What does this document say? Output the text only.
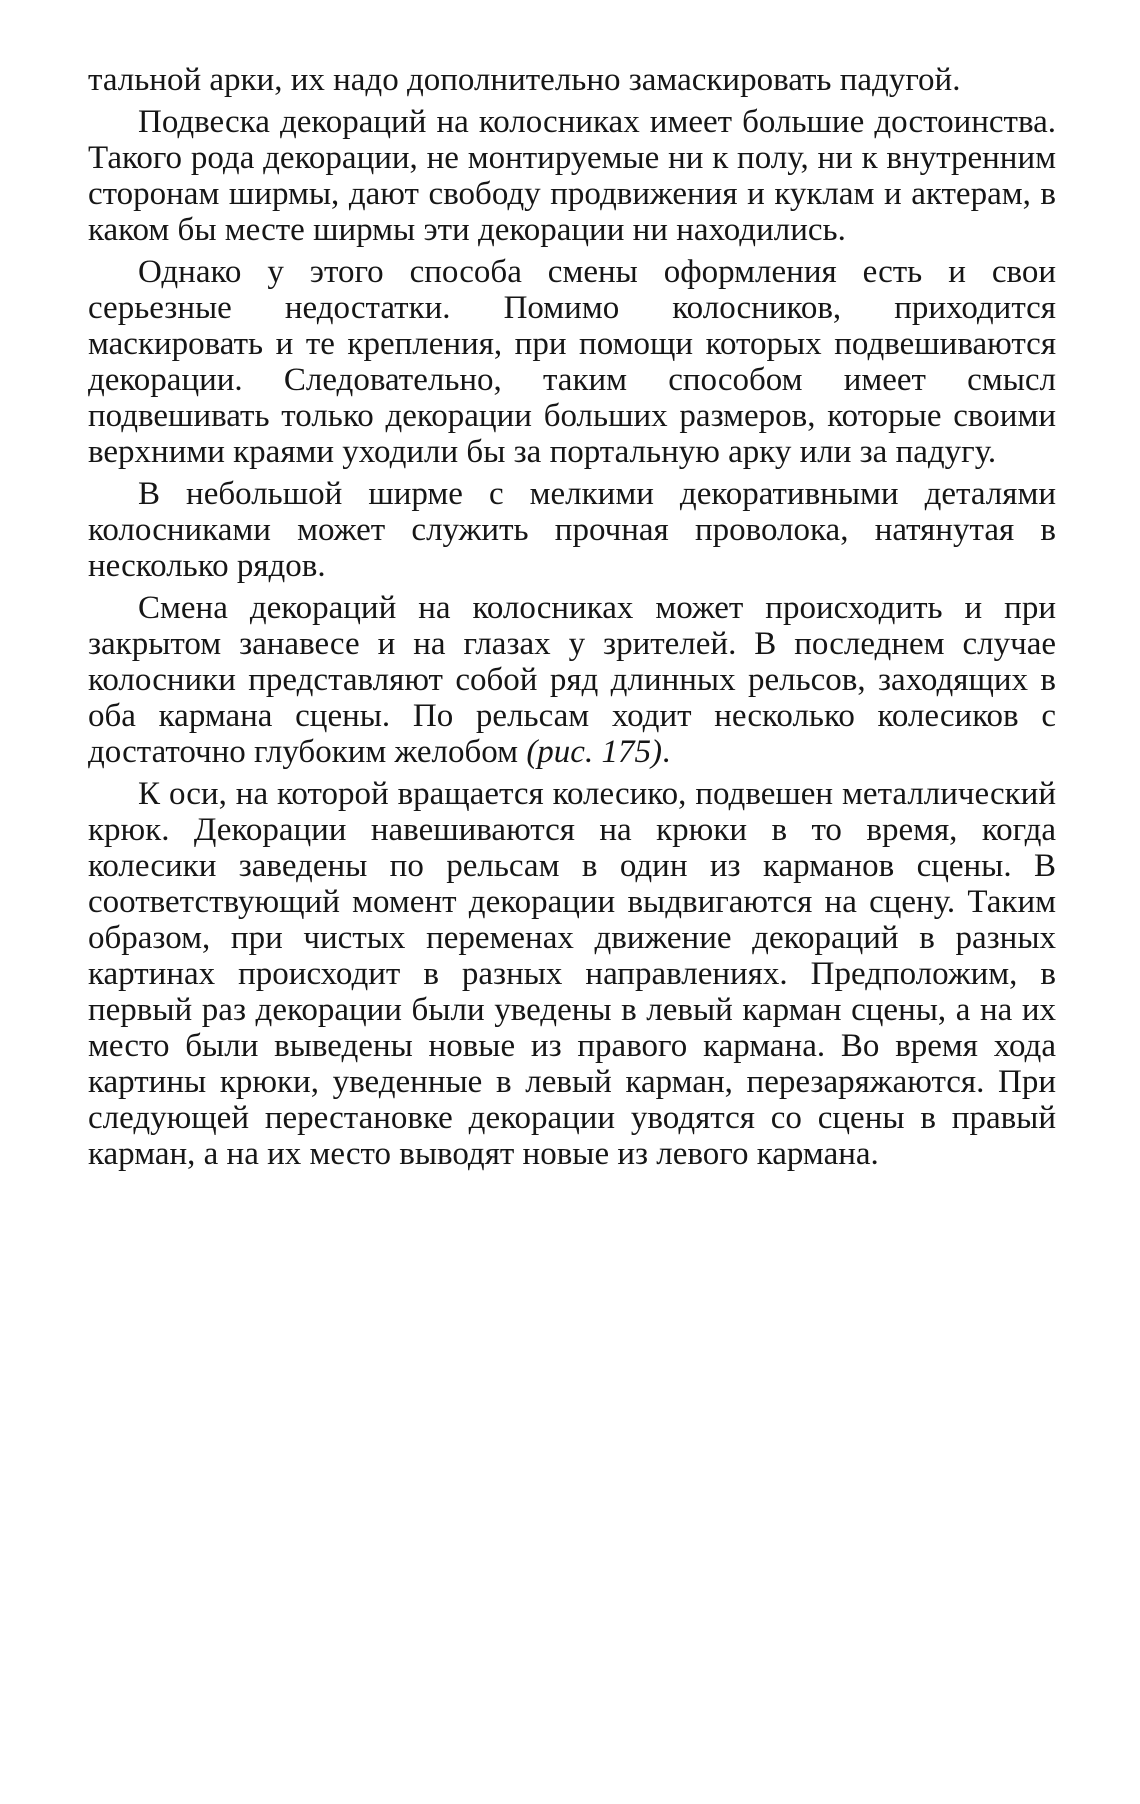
тальной арки, их надо дополнительно замаскировать падугой.

Подвеска декораций на колосниках имеет большие достоинства. Такого рода декорации, не монтируемые ни к полу, ни к внутренним сторонам ширмы, дают свободу продвижения и куклам и актерам, в каком бы месте ширмы эти декорации ни находились.

Однако у этого способа смены оформления есть и свои серьезные недостатки. Помимо колосников, приходится маскировать и те крепления, при помощи которых подвешиваются декорации. Следовательно, таким способом имеет смысл подвешивать только декорации больших размеров, которые своими верхними краями уходили бы за портальную арку или за падугу.

В небольшой ширме с мелкими декоративными деталями колосниками может служить прочная проволока, натянутая в несколько рядов.

Смена декораций на колосниках может происходить и при закрытом занавесе и на глазах у зрителей. В последнем случае колосники представляют собой ряд длинных рельсов, заходящих в оба кармана сцены. По рельсам ходит несколько колесиков с достаточно глубоким желобом (рис. 175).

К оси, на которой вращается колесико, подвешен металлический крюк. Декорации навешиваются на крюки в то время, когда колесики заведены по рельсам в один из карманов сцены. В соответствующий момент декорации выдвигаются на сцену. Таким образом, при чистых переменах движение декораций в разных картинах происходит в разных направлениях. Предположим, в первый раз декорации были уведены в левый карман сцены, а на их место были выведены новые из правого кармана. Во время хода картины крюки, уведенные в левый карман, перезаряжаются. При следующей перестановке декорации уводятся со сцены в правый карман, а на их место выводят новые из левого кармана.
